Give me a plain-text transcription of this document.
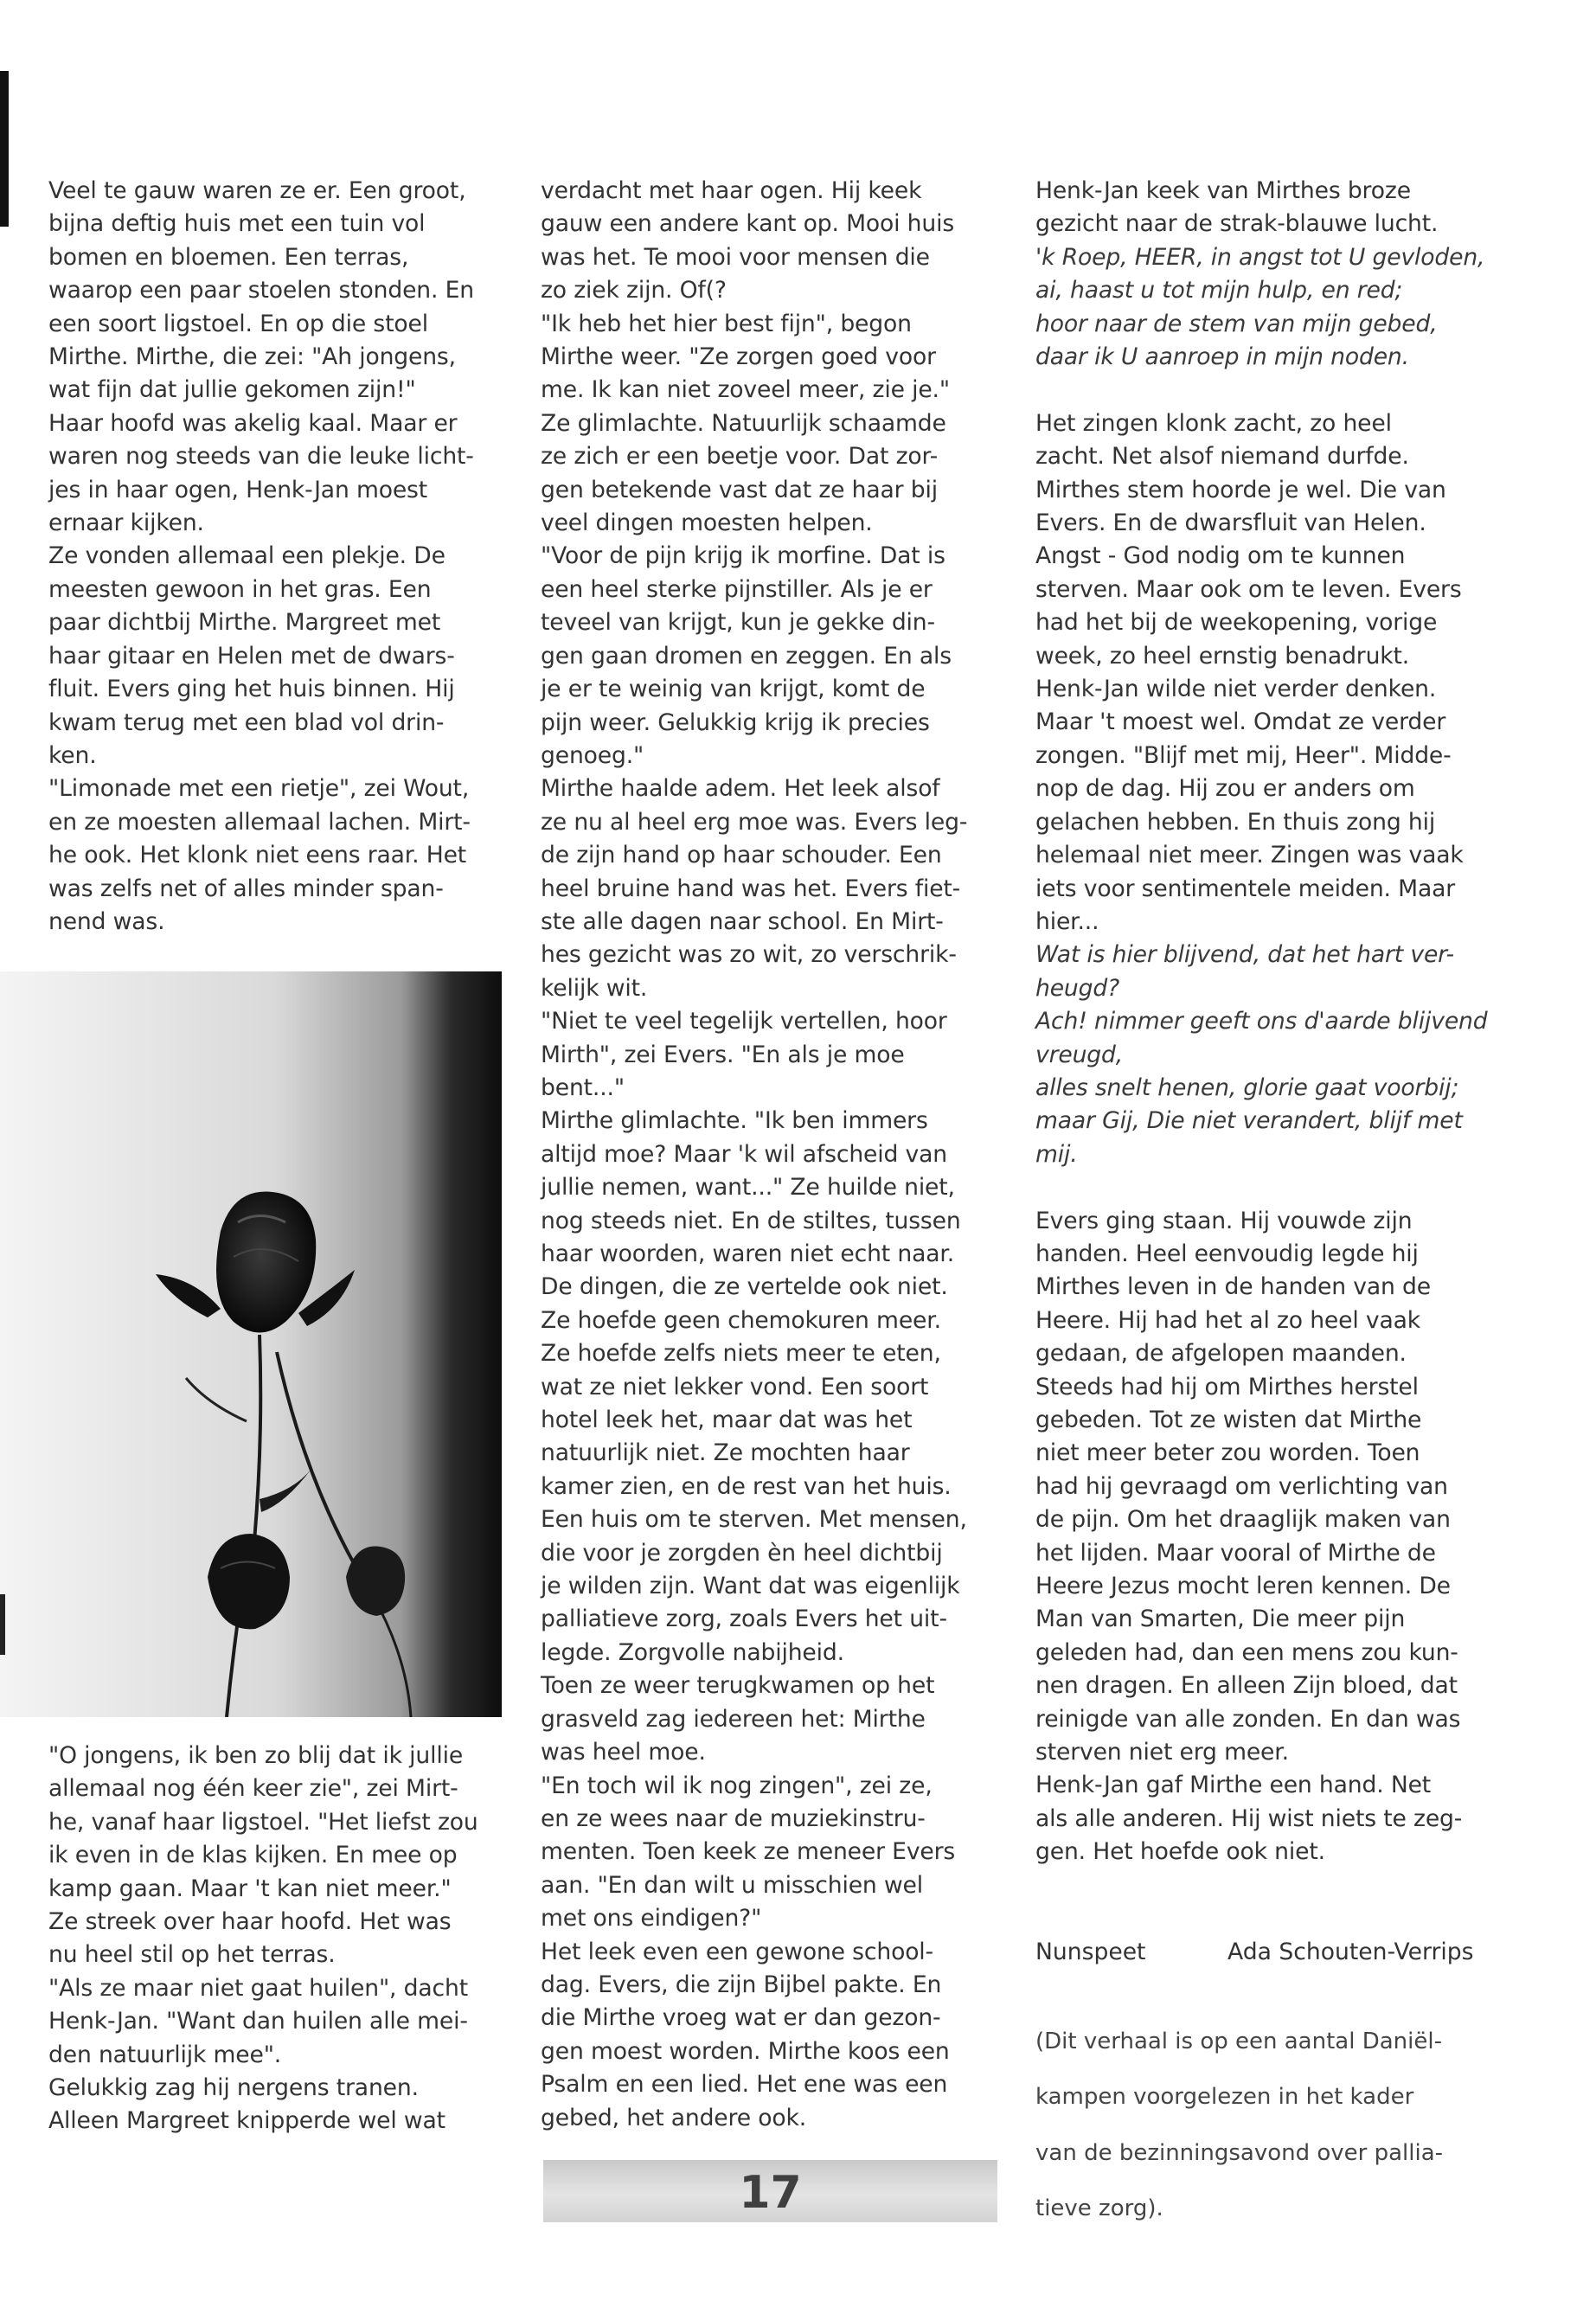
Veel te gauw waren ze er. Een groot,

bijna deftig huis met een tuin vol

bomen en bloemen. Een terras,

waarop een paar stoelen stonden. En

een soort ligstoel. En op die stoel

Mirthe. Mirthe, die zei: "Ah jongens,

wat fijn dat jullie gekomen zijn!"

Haar hoofd was akelig kaal. Maar er

waren nog steeds van die leuke licht-

jes in haar ogen, Henk-Jan moest

ernaar kijken.

Ze vonden allemaal een plekje. De

meesten gewoon in het gras. Een

paar dichtbij Mirthe. Margreet met

haar gitaar en Helen met de dwars-

fluit. Evers ging het huis binnen. Hij

kwam terug met een blad vol drin-

ken.

"Limonade met een rietje", zei Wout,

en ze moesten allemaal lachen. Mirt-

he ook. Het klonk niet eens raar. Het

was zelfs net of alles minder span-

nend was.

"O jongens, ik ben zo blij dat ik jullie

allemaal nog één keer zie", zei Mirt-

he, vanaf haar ligstoel. "Het liefst zou

ik even in de klas kijken. En mee op

kamp gaan. Maar 't kan niet meer."

Ze streek over haar hoofd. Het was

nu heel stil op het terras.

"Als ze maar niet gaat huilen", dacht

Henk-Jan. "Want dan huilen alle mei-

den natuurlijk mee".

Gelukkig zag hij nergens tranen.

Alleen Margreet knipperde wel wat

verdacht met haar ogen. Hij keek

gauw een andere kant op. Mooi huis

was het. Te mooi voor mensen die

zo ziek zijn. Of(?

"Ik heb het hier best fijn", begon

Mirthe weer. "Ze zorgen goed voor

me. Ik kan niet zoveel meer, zie je."

Ze glimlachte. Natuurlijk schaamde

ze zich er een beetje voor. Dat zor-

gen betekende vast dat ze haar bij

veel dingen moesten helpen.

"Voor de pijn krijg ik morfine. Dat is

een heel sterke pijnstiller. Als je er

teveel van krijgt, kun je gekke din-

gen gaan dromen en zeggen. En als

je er te weinig van krijgt, komt de

pijn weer. Gelukkig krijg ik precies

genoeg."

Mirthe haalde adem. Het leek alsof

ze nu al heel erg moe was. Evers leg-

de zijn hand op haar schouder. Een

heel bruine hand was het. Evers fiet-

ste alle dagen naar school. En Mirt-

hes gezicht was zo wit, zo verschrik-

kelijk wit.

"Niet te veel tegelijk vertellen, hoor

Mirth", zei Evers. "En als je moe

bent..."

Mirthe glimlachte. "Ik ben immers

altijd moe? Maar 'k wil afscheid van

jullie nemen, want..." Ze huilde niet,

nog steeds niet. En de stiltes, tussen

haar woorden, waren niet echt naar.

De dingen, die ze vertelde ook niet.

Ze hoefde geen chemokuren meer.

Ze hoefde zelfs niets meer te eten,

wat ze niet lekker vond. Een soort

hotel leek het, maar dat was het

natuurlijk niet. Ze mochten haar

kamer zien, en de rest van het huis.

Een huis om te sterven. Met mensen,

die voor je zorgden èn heel dichtbij

je wilden zijn. Want dat was eigenlijk

palliatieve zorg, zoals Evers het uit-

legde. Zorgvolle nabijheid.

Toen ze weer terugkwamen op het

grasveld zag iedereen het: Mirthe

was heel moe.

"En toch wil ik nog zingen", zei ze,

en ze wees naar de muziekinstru-

menten. Toen keek ze meneer Evers

aan. "En dan wilt u misschien wel

met ons eindigen?"

Het leek even een gewone school-

dag. Evers, die zijn Bijbel pakte. En

die Mirthe vroeg wat er dan gezon-

gen moest worden. Mirthe koos een

Psalm en een lied. Het ene was een

gebed, het andere ook.

Henk-Jan keek van Mirthes broze

gezicht naar de strak-blauwe lucht.

'k Roep, HEER, in angst tot U gevloden,

ai, haast u tot mijn hulp, en red;

hoor naar de stem van mijn gebed,

daar ik U aanroep in mijn noden.

Het zingen klonk zacht, zo heel

zacht. Net alsof niemand durfde.

Mirthes stem hoorde je wel. Die van

Evers. En de dwarsfluit van Helen.

Angst - God nodig om te kunnen

sterven. Maar ook om te leven. Evers

had het bij de weekopening, vorige

week, zo heel ernstig benadrukt.

Henk-Jan wilde niet verder denken.

Maar 't moest wel. Omdat ze verder

zongen. "Blijf met mij, Heer". Midde-

nop de dag. Hij zou er anders om

gelachen hebben. En thuis zong hij

helemaal niet meer. Zingen was vaak

iets voor sentimentele meiden. Maar

hier...

Wat is hier blijvend, dat het hart ver-

heugd?

Ach! nimmer geeft ons d'aarde blijvend

vreugd,

alles snelt henen, glorie gaat voorbij;

maar Gij, Die niet verandert, blijf met

mij.

Evers ging staan. Hij vouwde zijn

handen. Heel eenvoudig legde hij

Mirthes leven in de handen van de

Heere. Hij had het al zo heel vaak

gedaan, de afgelopen maanden.

Steeds had hij om Mirthes herstel

gebeden. Tot ze wisten dat Mirthe

niet meer beter zou worden. Toen

had hij gevraagd om verlichting van

de pijn. Om het draaglijk maken van

het lijden. Maar vooral of Mirthe de

Heere Jezus mocht leren kennen. De

Man van Smarten, Die meer pijn

geleden had, dan een mens zou kun-

nen dragen. En alleen Zijn bloed, dat

reinigde van alle zonden. En dan was

sterven niet erg meer.

Henk-Jan gaf Mirthe een hand. Net

als alle anderen. Hij wist niets te zeg-

gen. Het hoefde ook niet.

Nunspeet	Ada Schouten-Verrips

(Dit verhaal is op een aantal Daniël-

kampen voorgelezen in het kader

van de bezinningsavond over pallia-

tieve zorg).

17
